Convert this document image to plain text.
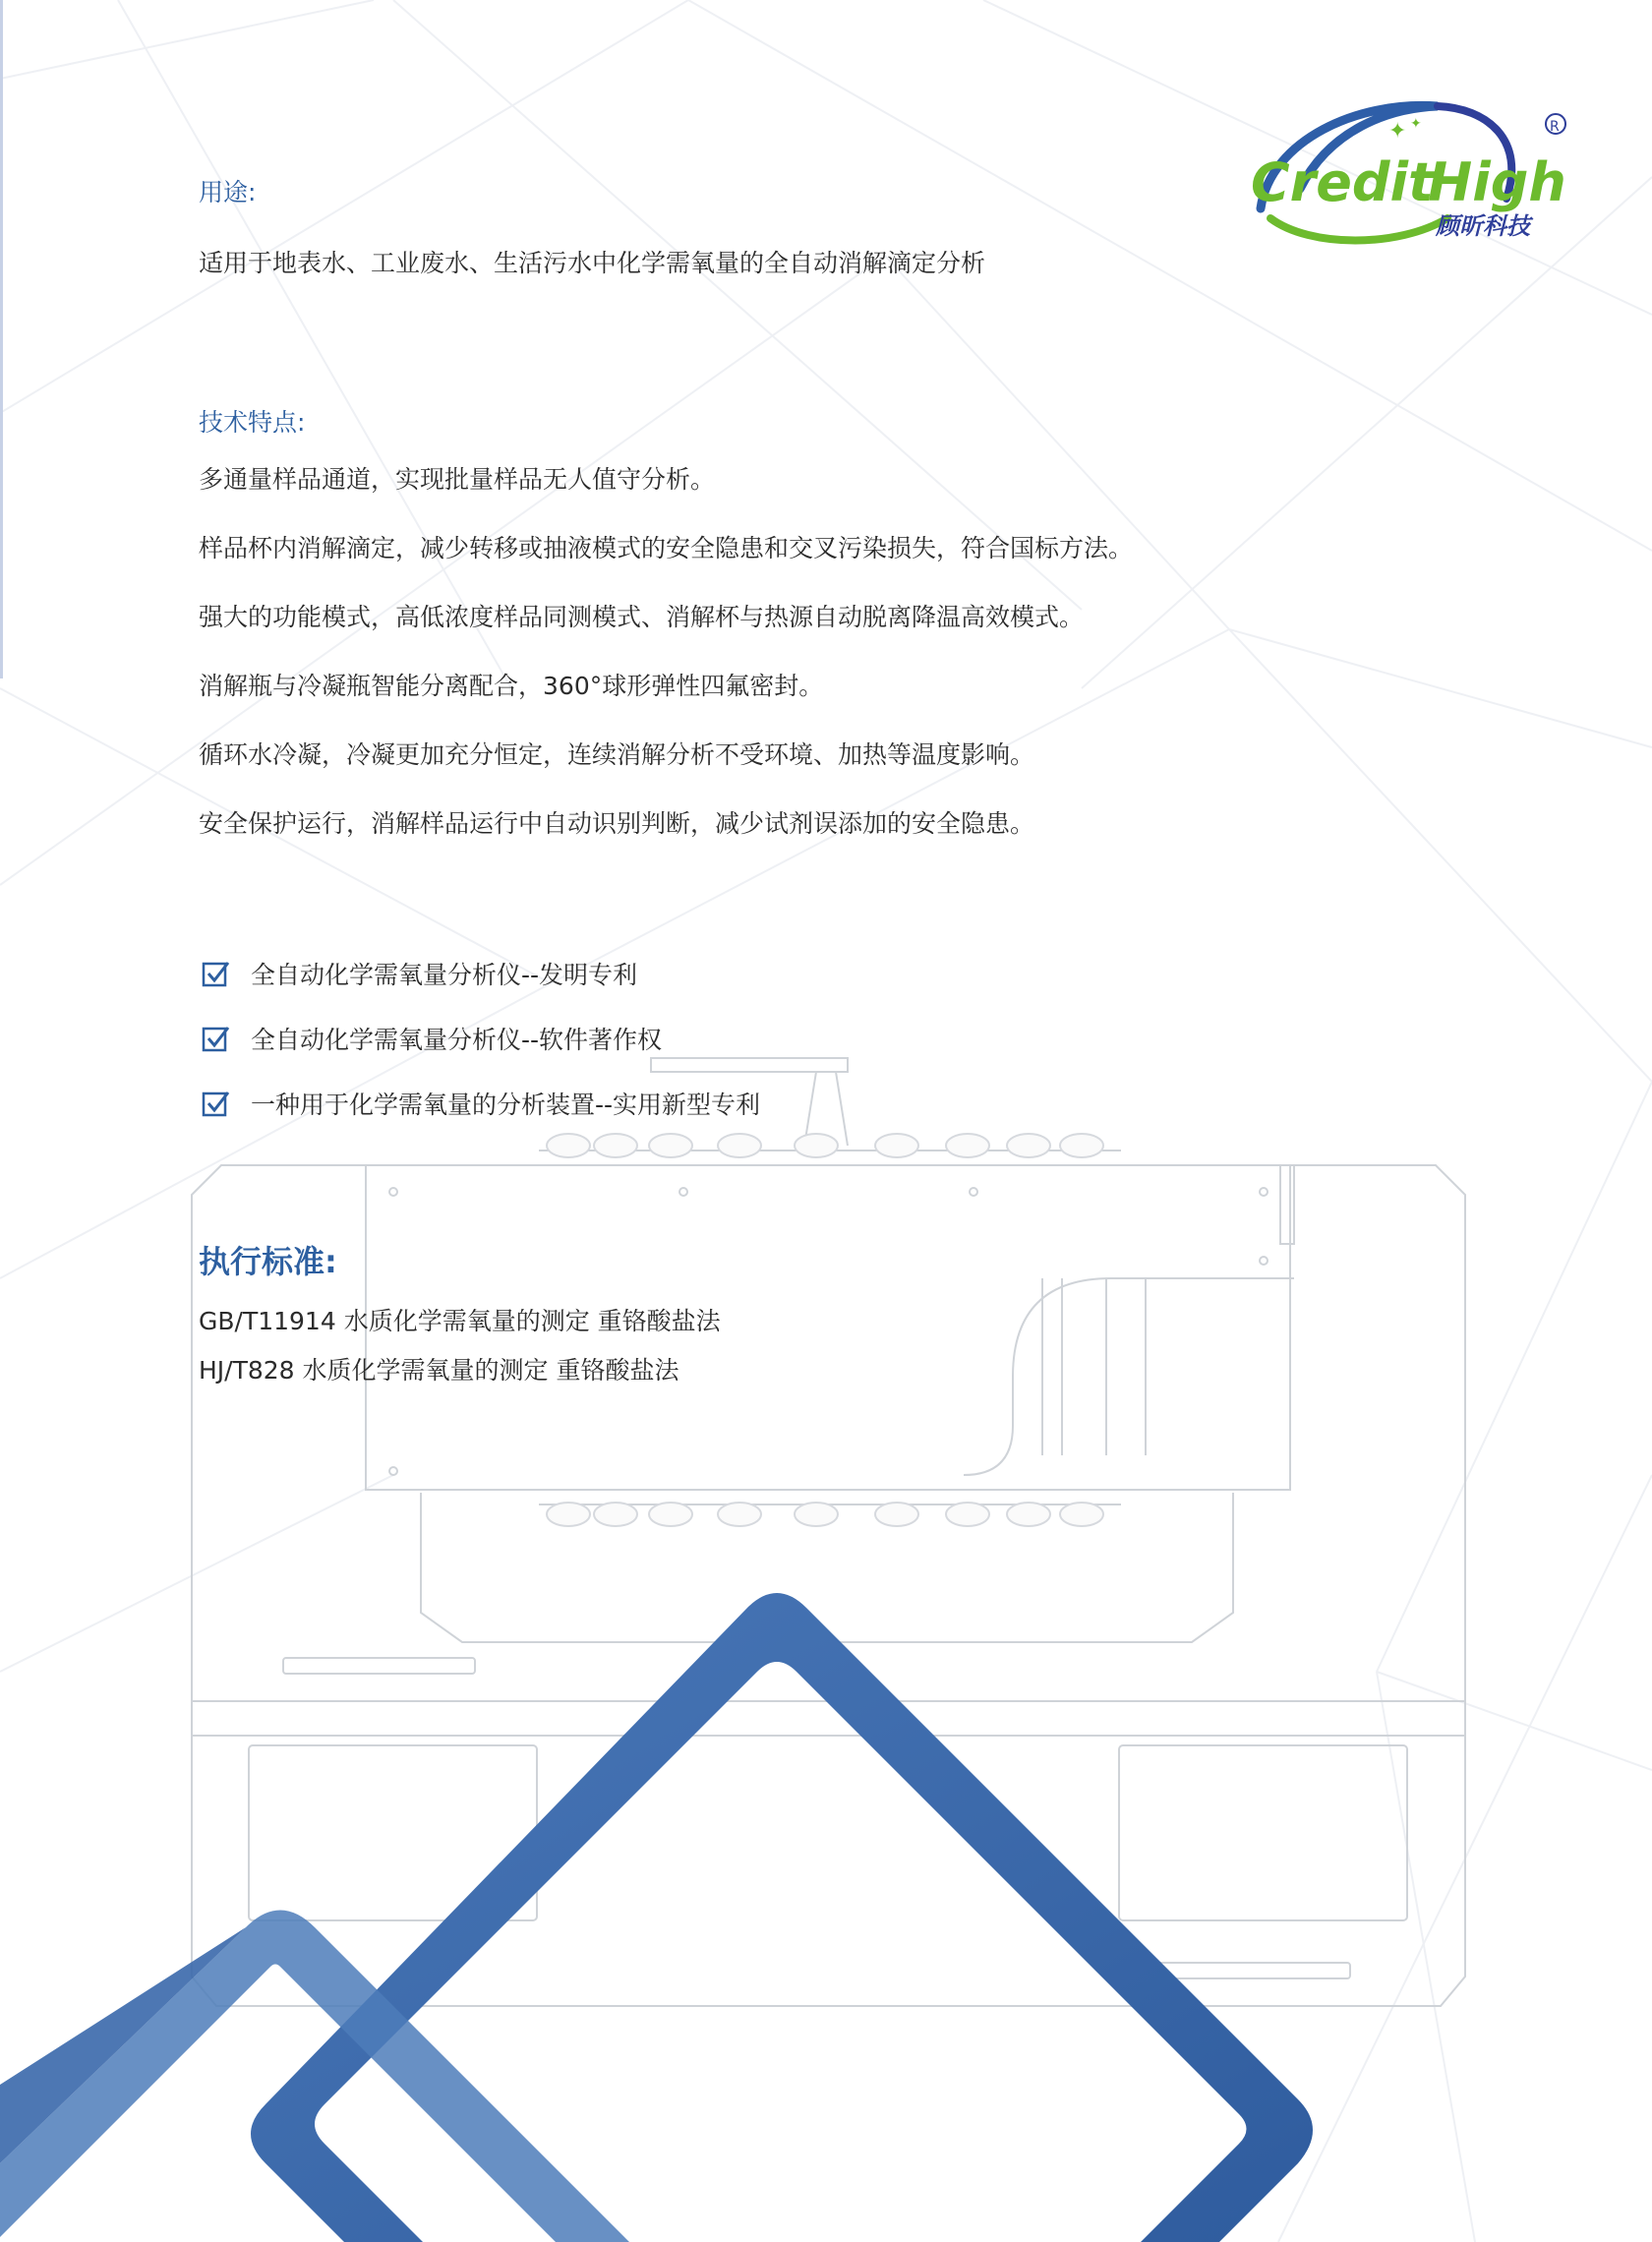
✦ ✦
Credit
High
顾昕科技
R
用途:
适用于地表水、工业废水、生活污水中化学需氧量的全自动消解滴定分析
技术特点:
多通量样品通道，实现批量样品无人值守分析。
样品杯内消解滴定，减少转移或抽液模式的安全隐患和交叉污染损失，符合国标方法。
强大的功能模式，高低浓度样品同测模式、消解杯与热源自动脱离降温高效模式。
消解瓶与冷凝瓶智能分离配合，360°球形弹性四氟密封。
循环水冷凝，冷凝更加充分恒定，连续消解分析不受环境、加热等温度影响。
安全保护运行，消解样品运行中自动识别判断，减少试剂误添加的安全隐患。
全自动化学需氧量分析仪--发明专利
全自动化学需氧量分析仪--软件著作权
一种用于化学需氧量的分析装置--实用新型专利
执行标准:
GB/T11914 水质化学需氧量的测定 重铬酸盐法
HJ/T828 水质化学需氧量的测定 重铬酸盐法
